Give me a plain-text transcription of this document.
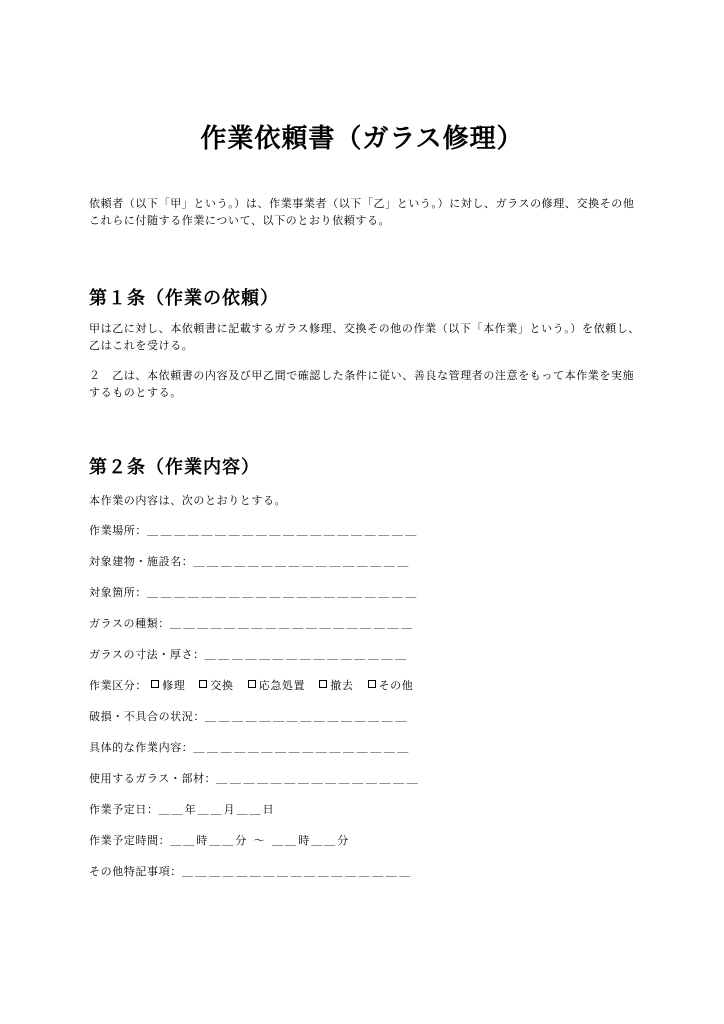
作業依頼書（ガラス修理）
依頼者（以下「甲」という。）は、作業事業者（以下「乙」という。）に対し、ガラスの修理、交換その他これらに付随する作業について、以下のとおり依頼する。
第１条（作業の依頼）
甲は乙に対し、本依頼書に記載するガラス修理、交換その他の作業（以下「本作業」という。）を依頼し、乙はこれを受ける。
２　乙は、本依頼書の内容及び甲乙間で確認した条件に従い、善良な管理者の注意をもって本作業を実施するものとする。
第２条（作業内容）
本作業の内容は、次のとおりとする。
作業場所：＿＿＿＿＿＿＿＿＿＿＿＿＿＿＿＿＿＿＿＿
対象建物・施設名：＿＿＿＿＿＿＿＿＿＿＿＿＿＿＿＿
対象箇所：＿＿＿＿＿＿＿＿＿＿＿＿＿＿＿＿＿＿＿＿
ガラスの種類：＿＿＿＿＿＿＿＿＿＿＿＿＿＿＿＿＿＿
ガラスの寸法・厚さ：＿＿＿＿＿＿＿＿＿＿＿＿＿＿＿
作業区分： 修理 交換 応急処置 撤去 その他
破損・不具合の状況：＿＿＿＿＿＿＿＿＿＿＿＿＿＿＿
具体的な作業内容：＿＿＿＿＿＿＿＿＿＿＿＿＿＿＿＿
使用するガラス・部材：＿＿＿＿＿＿＿＿＿＿＿＿＿＿＿
作業予定日：＿＿年＿＿月＿＿日
作業予定時間：＿＿時＿＿分 ～ ＿＿時＿＿分
その他特記事項：＿＿＿＿＿＿＿＿＿＿＿＿＿＿＿＿＿
